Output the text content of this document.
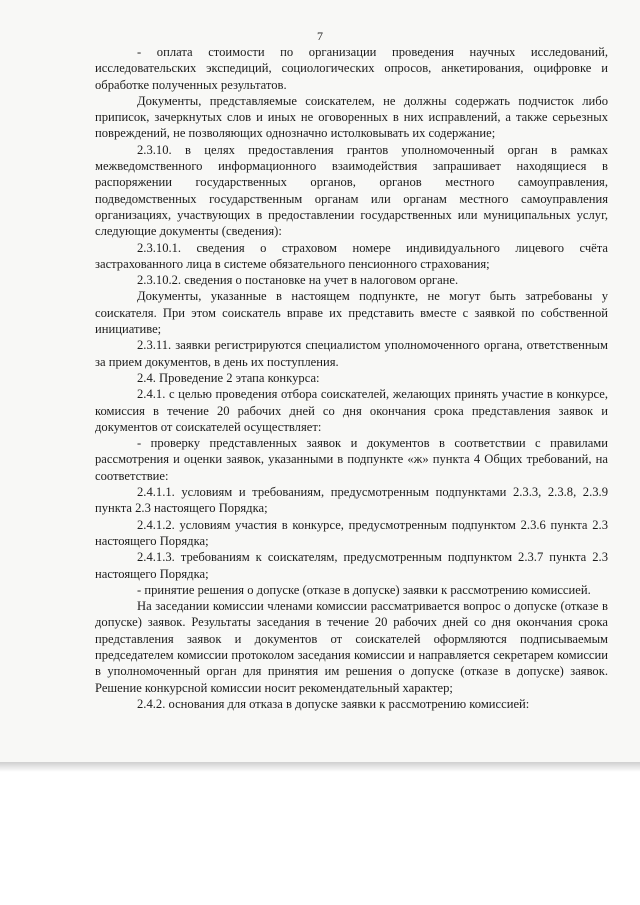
7

- оплата стоимости по организации проведения научных исследований, исследовательских экспедиций, социологических опросов, анкетирования, оцифровке и обработке полученных результатов.

Документы, представляемые соискателем, не должны содержать подчисток либо приписок, зачеркнутых слов и иных не оговоренных в них исправлений, а также серьезных повреждений, не позволяющих однозначно истолковывать их содержание;

2.3.10. в целях предоставления грантов уполномоченный орган в рамках межведомственного информационного взаимодействия запрашивает находящиеся в распоряжении государственных органов, органов местного самоуправления, подведомственных государственным органам или органам местного самоуправления организациях, участвующих в предоставлении государственных или муниципальных услуг, следующие документы (сведения):

2.3.10.1. сведения о страховом номере индивидуального лицевого счёта застрахованного лица в системе обязательного пенсионного страхования;

2.3.10.2. сведения о постановке на учет в налоговом органе.

Документы, указанные в настоящем подпункте, не могут быть затребованы у соискателя. При этом соискатель вправе их представить вместе с заявкой по собственной инициативе;

2.3.11. заявки регистрируются специалистом уполномоченного органа, ответственным за прием документов, в день их поступления.

2.4. Проведение 2 этапа конкурса:

2.4.1. с целью проведения отбора соискателей, желающих принять участие в конкурсе, комиссия в течение 20 рабочих дней со дня окончания срока представления заявок и документов от соискателей осуществляет:

- проверку представленных заявок и документов в соответствии с правилами рассмотрения и оценки заявок, указанными в подпункте «ж» пункта 4 Общих требований, на соответствие:

2.4.1.1. условиям и требованиям, предусмотренным подпунктами 2.3.3, 2.3.8, 2.3.9 пункта 2.3 настоящего Порядка;

2.4.1.2. условиям участия в конкурсе, предусмотренным подпунктом 2.3.6 пункта 2.3 настоящего Порядка;

2.4.1.3. требованиям к соискателям, предусмотренным подпунктом 2.3.7 пункта 2.3 настоящего Порядка;

- принятие решения о допуске (отказе в допуске) заявки к рассмотрению комиссией.

На заседании комиссии членами комиссии рассматривается вопрос о допуске (отказе в допуске) заявок. Результаты заседания в течение 20 рабочих дней со дня окончания срока представления заявок и документов от соискателей оформляются подписываемым председателем комиссии протоколом заседания комиссии и направляется секретарем комиссии в уполномоченный орган для принятия им решения о допуске (отказе в допуске) заявок. Решение конкурсной комиссии носит рекомендательный характер;

2.4.2. основания для отказа в допуске заявки к рассмотрению комиссией:
